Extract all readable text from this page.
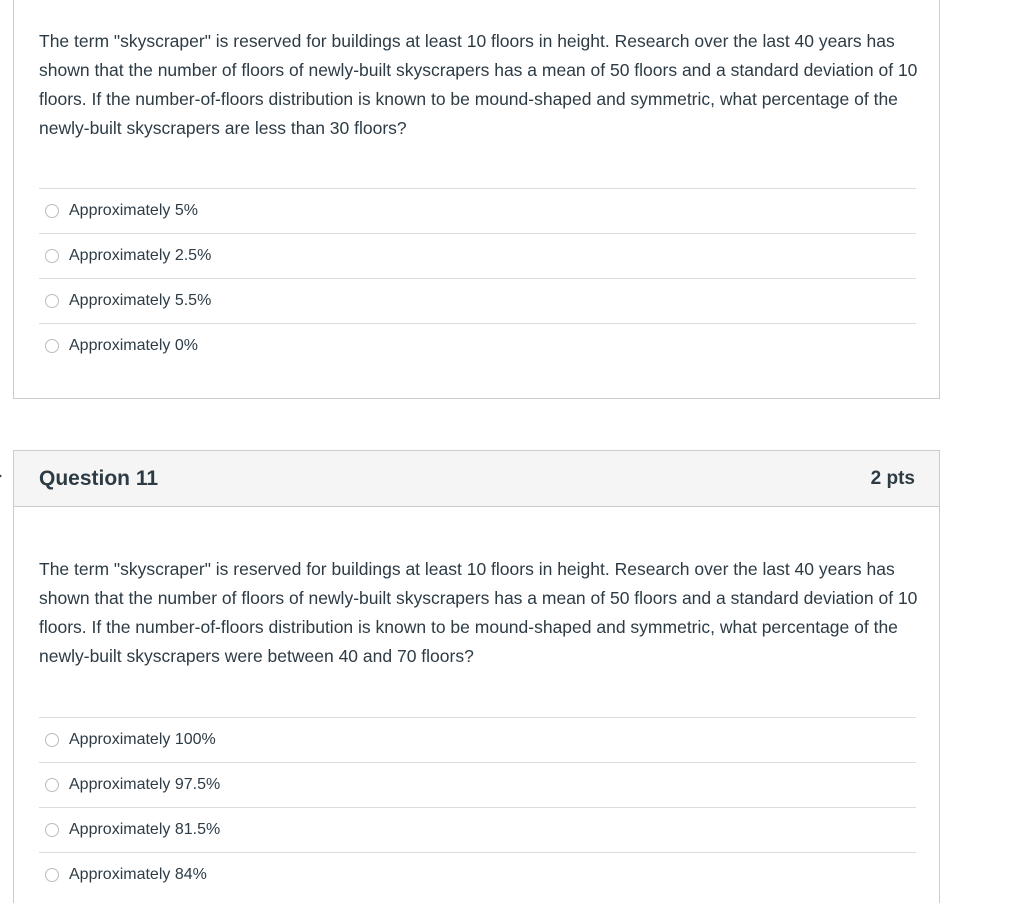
The term "skyscraper" is reserved for buildings at least 10 floors in height. Research over the last 40 years has shown that the number of floors of newly-built skyscrapers has a mean of 50 floors and a standard deviation of 10 floors. If the number-of-floors distribution is known to be mound-shaped and symmetric, what percentage of the newly-built skyscrapers are less than 30 floors?

Approximately 5%
Approximately 2.5%
Approximately 5.5%
Approximately 0%
Question 11	2 pts

The term "skyscraper" is reserved for buildings at least 10 floors in height. Research over the last 40 years has shown that the number of floors of newly-built skyscrapers has a mean of 50 floors and a standard deviation of 10 floors. If the number-of-floors distribution is known to be mound-shaped and symmetric, what percentage of the newly-built skyscrapers were between 40 and 70 floors?

Approximately 100%
Approximately 97.5%
Approximately 81.5%
Approximately 84%
